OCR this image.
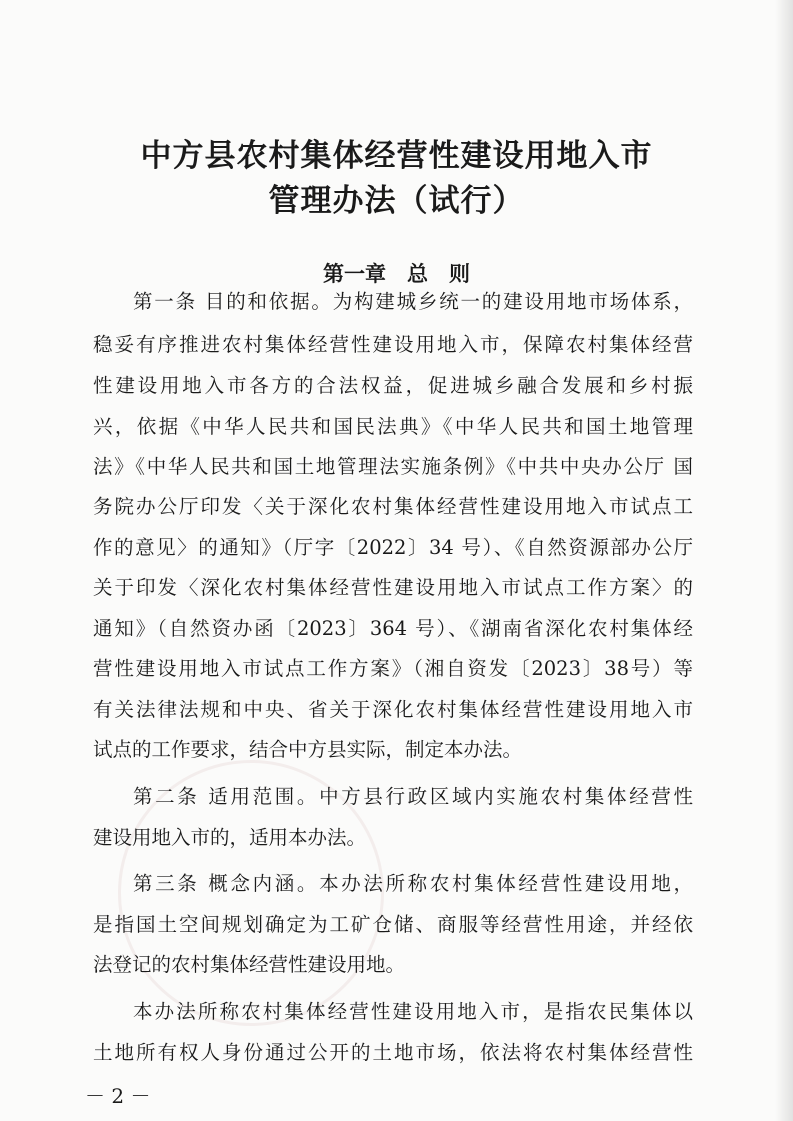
中方县农村集体经营性建设用地入市
管理办法（试行）
第一章　总　则
第一条 目的和依据。为构建城乡统一的建设用地市场体系，
稳妥有序推进农村集体经营性建设用地入市，保障农村集体经营
性建设用地入市各方的合法权益，促进城乡融合发展和乡村振
兴，依据《中华人民共和国民法典》《中华人民共和国土地管理
法》《中华人民共和国土地管理法实施条例》《中共中央办公厅 国
务院办公厅印发〈关于深化农村集体经营性建设用地入市试点工
作的意见〉的通知》（厅字〔2022〕34 号）、《自然资源部办公厅
关于印发〈深化农村集体经营性建设用地入市试点工作方案〉的
通知》（自然资办函〔2023〕364 号）、《湖南省深化农村集体经
营性建设用地入市试点工作方案》（湘自资发〔2023〕38号）等
有关法律法规和中央、省关于深化农村集体经营性建设用地入市
试点的工作要求，结合中方县实际，制定本办法。
第二条 适用范围。中方县行政区域内实施农村集体经营性
建设用地入市的，适用本办法。
第三条 概念内涵。本办法所称农村集体经营性建设用地，
是指国土空间规划确定为工矿仓储、商服等经营性用途，并经依
法登记的农村集体经营性建设用地。
本办法所称农村集体经营性建设用地入市，是指农民集体以
土地所有权人身份通过公开的土地市场，依法将农村集体经营性
－ 2 －
